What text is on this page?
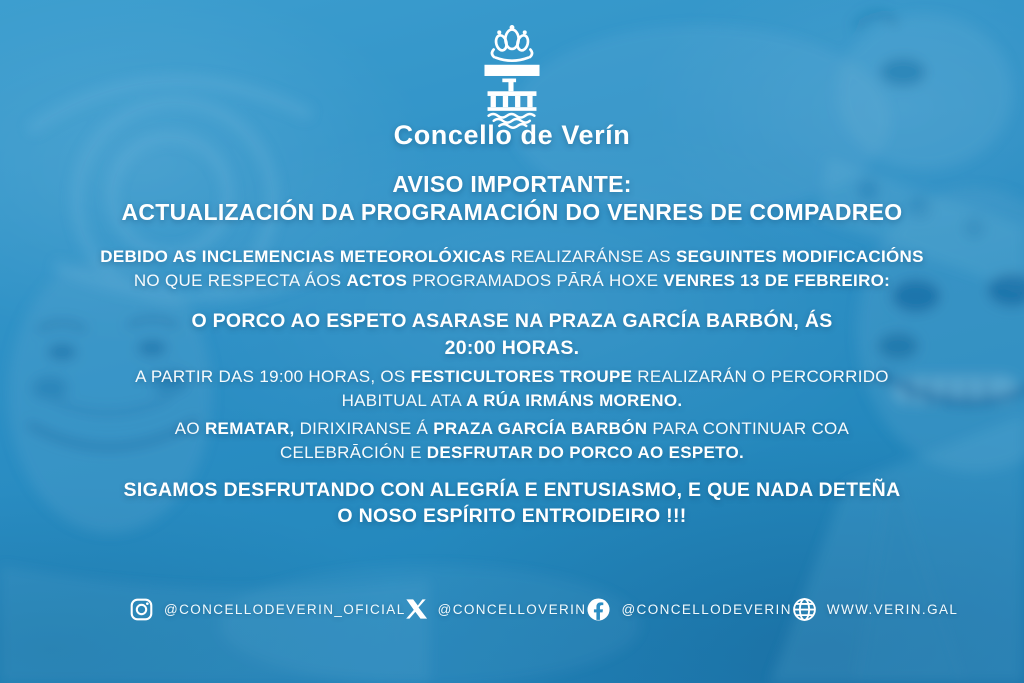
Concello de Verín
AVISO IMPORTANTE:
ACTUALIZACIÓN DA PROGRAMACIÓN DO VENRES DE COMPADREO
DEBIDO AS INCLEMENCIAS METEOROLÓXICAS REALIZARÁNSE AS SEGUINTES MODIFICACIÓNS
NO QUE RESPECTA ÁOS ACTOS PROGRAMADOS PĀRÁ HOXE VENRES 13 DE FEBREIRO:
O PORCO AO ESPETO ASARASE NA PRAZA GARCÍA BARBÓN, ÁS
20:00 HORAS.
A PARTIR DAS 19:00 HORAS, OS FESTICULTORES TROUPE REALIZARÁN O PERCORRIDO
HABITUAL ATA A RÚA IRMÁNS MORENO.
AO REMATAR, DIRIXIRANSE Á PRAZA GARCÍA BARBÓN PARA CONTINUAR COA
CELEBRĀCIÓN E DESFRUTAR DO PORCO AO ESPETO.
SIGAMOS DESFRUTANDO CON ALEGRÍA E ENTUSIASMO, E QUE NADA DETEÑA
O NOSO ESPÍRITO ENTROIDEIRO !!!
@CONCELLODEVERIN_OFICIAL @CONCELLOVERIN	@CONCELLODEVERIN	WWW.VERIN.GAL
